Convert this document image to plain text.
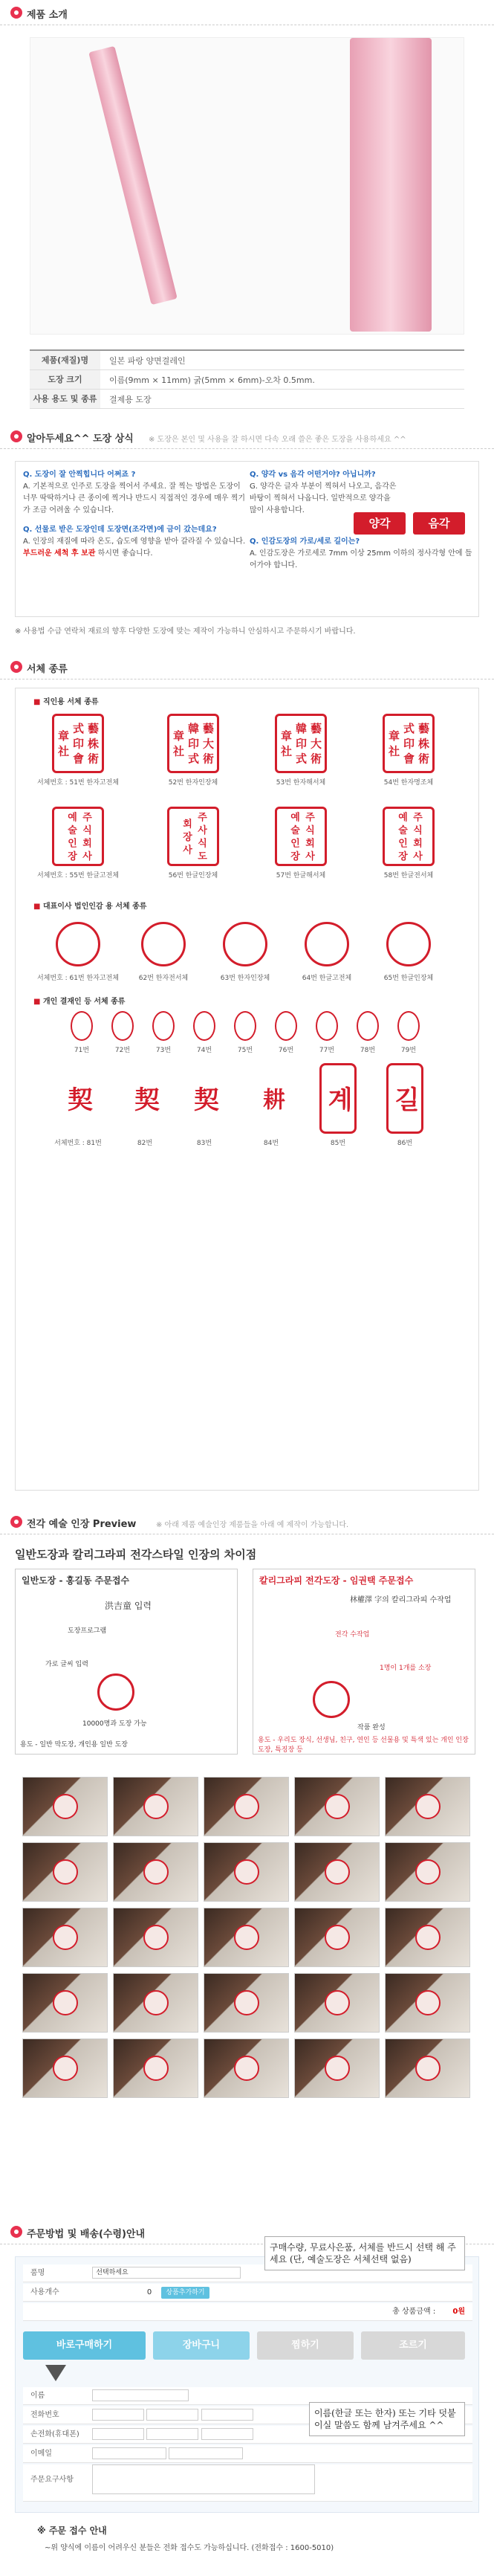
제품 소개
제품(재질)명	일본 파랑 양면결레인
도장 크기	이름(9mm × 11mm) 굵(5mm × 6mm)-오차 0.5mm.
사용 용도 및 종류	결제용 도장
알아두세요^^ 도장 상식 ※ 도장은 본인 및 사용을 잘 하시면 다속 오래 쓸은 좋은 도장을 사용하세요 ^^
Q. 도장이 잘 안찍힙니다 어쩌죠 ?
A. 기본적으로 인주로 도장을 찍어서 주세요. 잘 찍는 방법은 도장이 너무 딱딱하거나 큰 종이에 찍거나 반드시 직접적인 경우에 매우 찍기가 조금 어려울 수 있습니다.
Q. 선물로 받은 도장인데 도장면(조각면)에 금이 갔는데요?
A. 인장의 재질에 따라 온도, 습도에 영향을 받아 갈라질 수 있습니다. 부드러운 세척 후 보관 하시면 좋습니다.
Q. 양각 vs 음각 어떤거야? 아닙니까?
G. 양각은 글자 부분이 찍혀서 나오고, 음각은 바탕이 찍혀서 나옵니다. 일반적으로 양각을 많이 사용합니다.
Q. 인감도장의 가로/세로 길이는?
A. 인감도장은 가로세로 7mm 이상 25mm 이하의 정사각형 안에 들어가야 합니다.
양각	음각
※ 사용법 수급 연락처 재료의 향후 다양한 도장에 맞는 제작이 가능하니 안심하시고 주문하시기 바랍니다.
서체 종류
■ 직인용 서체 종류
藝 株 術 式 印 會 章 社
서체번호 : 51번 한자고전체
藝 大 術 韓 印 式 章 社
52번 한자인장체
藝 大 術 韓 印 式 章 社
53번 한자해서체
藝 株 術 式 印 會 章 社
54번 한자명조체
주 식 회 사 예 술 인 장
서체번호 : 55번 한글고전체
주 사 식 도 회 장 사
56번 한글인장체
주 식 회 사 예 술 인 장
57번 한글해서체
주 식 회 사 예 술 인 장
58번 한글전서체
■ 대표이사 법인인감 용 서체 종류
서체번호 : 61번 한자고전체	62번 한자전서체	63번 한자인장체	64번 한글고전체	65번 한글인장체
■ 개인 결재인 등 서체 종류
71번	72번	73번	74번	75번	76번	77번	78번	79번
契
서체번호 : 81번
契
82번
契
83번
耕
84번
계
85번
길
86번
전각 예술 인장 Preview	※ 아래 제품 예술인장 제품들을 아래 예 제작이 가능합니다.
일반도장과 칼리그라피 전각스타일 인장의 차이점
일반도장 - 홍길동 주문접수
洪吉童 입력
도장프로그램
가로 글씨 입력
10000명과 도장 가능
용도 - 일반 막도장, 개인용 일반 도장
칼리그라피 전각도장 - 임권택 주문접수
林權澤 字의 칼리그라피 수작업
전각 수작업
1명이 1개를 소장
작품 완성
용도 - 우리도 장식, 선생님, 친구, 연인 등 선물용 및 특색 있는 개인 인장 도장, 특징장 등
주문방법 및 배송(수령)안내
품명	선택하세요
사용개수	0 상품추가하기
총 상품금액 : 0원
바로구매하기	장바구니	찜하기	조르기
이름
전화번호
손전화(휴대폰)
이메일
주문요구사항
구매수량, 무료사은품, 서체를 반드시 선택 해 주세요 (단, 예술도장은 서체선택 없음)
이름(한글 또는 한자) 또는 기타 덧붙이실 말씀도 함께 남겨주세요 ^^
※ 주문 접수 안내
~위 양식에 이름이 어려우신 분들은 전화 접수도 가능하십니다. (전화접수 : 1600-5010)
